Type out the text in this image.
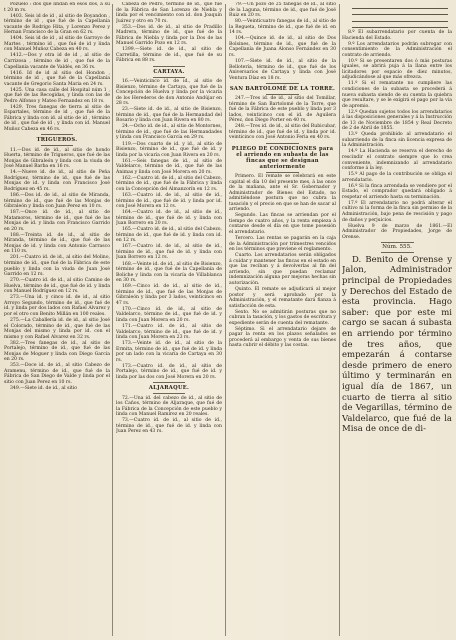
Pozuelo : dos que lindan en ésos dos, á su t 20 m rs.

1403. Seis id de id , al sitio de Boyandon , término de id , que fué de la Capellanía vacante de Rodrigo Hita, y Lorenzo Perez y Hernan Francisco de la Gran en 62 rs.

1404. Seis id de id , al sitio de Garroyo de Martes , término id , que fué de id y linda con Manuel Muñoz Cabeza en 40 rs.

1412.—Dos y otra id de id , al sitio de Carrizosa , término de id , que fué de la Capellanía vacante de Valdés, en 36 rs.

1416. Id de id al sitio del Hondon , término de id , que fué de la Capellanía vacante de Gregorio Santa Maria en 24 rs.

1425. Una casa calle del Hospital núm 1 , que fué de las Recogidas, y linda con las de Pedro Alfonso y Mateo Fernandez en 18 rs.

1429. Tres fanegas de tierra al sitio de Espartales, término de id , que fué de la Fábrica y linda con id. al sitio de id , término de id , que fué de id , y linda con id. Manuel Muñoz Cabeza en 46 rs.

TRIGUEROS.

11.—Dos id. de id., al sitio de hondo Huerta, término de Trigueros, que fué de las Monjas de Gibraleón y linda con la viuda de José Manuel Barba en 16 rs.

14.—Nueve id. de id., al sitio de Peña Rodríguez, término de id., que fué de las Monjas de id. y linda con Francisco José Rodríguez en 45 rs.

186.—Dos id. de id., al sitio de Miranda, término de id., que fué de las Monjas de Gibraleón y linda con Juan Perez en 10 rs.

187.—Once id. de id., al sitio de Matamoros, término de id., que fué de las Monjas de id. y linda con Francisco Garrido en 20 rs.

188.—Treinta id. de id., al sitio de Miranda, término de id., que fué de las Monjas de id. y linda con Antonio Carrasco en 110 rs.

201.—Cuatro id. de id., al sitio del Molino, término de id., que fué de la Fábrica de este pueblo y linda con la viuda de Juan José Garrido en 12 rs.

270.—Cuatro id. de id., al sitio Camino de Huelva, término de id., que fué de id. y linda con Manuel Rodríguez en 12 rs.

273.—Una id. y cinco id. de id., al sitio Arroyo Segundo, término de id., que fué de id. y linda por dos lados con Rafael Alvarez y por el otro con Benito Millán en 100 reales.

275.—La Caballería id. de id., al sitio José el Colorado, término de id., que fué de las Monjas del mismo y linda por id. con el mismo y con Rafael Alvarez en 32 rs.

382.—Tres fanegas de id., al sitio de Portalejo, término de id., que fué de las Monjas de Moguer y linda con Diego García en 20 rs.

353.—Doce id. de id., al sitio Cabezo de Aramenu, término de id., que fué de la Fábrica de San Diego de Valde y linda por el sitio con Juan Perez en 10 rs.

349.—Siete id. de id., al sitio

Cabeza de Pedro, término de id., que fué de la Fábrica de San Lorenzo de Niebla y linda por el vencimiento con id. don Joaquín Juárez y otro en 70 rs.

353.—Dos id. de id., al sitio de Pradillo Madrera, término de id., que fué de la Fábrica de Niebla y linda por la Dos de las Manuel Garrido Pozo en 12 rs.

1399.—Siete id. de id., al sitio de Carretilla, término de id., que fué de su Fábrica en 88 rs.

CARTAYA.

16.—Veinticinco id. de id., al sitio de Bisienzo, término de Cartaya, que fué de la Concepción de Huelva y linda por la vicaría de los Herederos de don Antonio Andújar en 28 rs.

23.—Siete id. de id., al sitio de Bisienzo, término de id., que fué de la Hermandad del Rosario y linda con Juan Rivera en 80 rs.

24.—Ocho id. de id., al sitio de Montornes, término de id., que fué de las Hermandades y linda con Francisco García en 29 rs.

119.—Dos cuarto de id. y id., al sitio de Bisienzo, término de id., que fué de id. y linda por la vicaría con Juan Rivera en 20 rs.

161.—Seis fanegas de id., al sitio de Valdelarco, término de id., que fué de las Ánimas y linda con José Morera en 20 rs.

162.—Cuatro id. de id., al sitio del Cabezo, término de id., que fué de la Fábrica y linda con la Concepción del Almanzorín en 12 rs.

163.—Cuatro id. de id., al sitio de id., término de id., que fué de id. y linda por id. con José Morera en 12 rs.

164.—Cuatro id. de id., al sitio de id., término de id., que fué de id. y linda con Juan Borrero en 20 rs.

165.—Cuatro id. de id., al sitio del Cabezo, término de id., que fué de id. y linda con id. en 12 rs.

167.—Cuatro id. de id., al sitio de id., término de id., que fué de id. y linda con Juan Borrero en 12 rs.

168.—Veinte id. de id., al sitio de Bisienzo, término de id., que fué de la Capellanía de Boliche y linda con la vicaría de Villablanca en 30 rs.

169.—Cinco id. de id., al sitio de id., término de id., que fué de las Monjas de Gibraleón y linda por 3 lados, veinticinco en 47 rs.

170.—Cinco id. de id., al sitio de Valdelarco, término de id., que fué de id. y linda con Juan Morera en 20 rs.

171.—Cuatro id. de id., al sitio de Valdelarco, término de id., que fué de id. y linda con Juan Morera en 23 rs.

173.—Veinte id. de id., al sitio de la Ermita, término de id., que fué de id. y linda por un lado con la vicaría de Cartaya en 30 rs.

173.—Cuatro id. de id., al sitio de Portalejo, término de id., que fué de id. y linda por las dos con José Morera en 20 rs.

ALJARAQUE.

72.—Una id. del cabezo de id., al sitio de los Caños, término de Aljaraque, que fué de la Fábrica de la Concepción de este pueblo y linda con Manuel Ramírez en 20 reales.

73.—Cuatro id. de id., al sitio de id., término de id., que fué de id. y linda con Juan Perez en 43 rs.

79.—Un pozo de 25 fanegas de id., al sitio de la Laguna, término de id., que fué de José Ruiz en 20 rs.

80.—Veinticuatro fanegas de id., al sitio de la Regueta, término de id., que fué de id. en 14 rs.

104.—Quince id. de id., al sitio de Dos Bolsines, término de id., que fué de la Capellanía de Juana Alonso Fernández en 30 rs.

107.—Siete id. de id., al sitio de la Bellotería, término de id., que fué de los Aniversarios de Cartaya y linda con José Ventura Díaz en 18 rs.

SAN BARTOLOMÉ DE LA TORRE.

247.—Tres id. de id., al sitio del Tomillar, término de San Bartolomé de la Torre, que fué de la Fábrica de este pueblo y linda por 3 lados, veinticinco con el id. de Aguilera Pérez, don Diego Porter en 40 rs.

248.—Tres id. de id., al sitio del Rubicubar, término de id., que fué de id. y linda por id. veinticinco con José Antonio Feria en 40 rs.

PLIEGO DE CONDICIONES para el arriendo en subasta de las fincas que se designan anteriormente

Primero. El remate se celebrará en este capital el día 10 del presente mes, á las once de la mañana, ante el Sr. Gobernador y Administrador de Bienes del Estado, no admitiéndose postura que no cubra la tasación y el precio en que se han de sacar al arriendo.

Segundo. Las fincas se arriendan por el tiempo de cuatro años, y la renta empieza á contarse desde el día en que tome posesión el arrendatario.

Tercero. Las rentas se pagarán en la caja de la Administración por trimestres vencidos en los términos que previene el reglamento.

Cuarto. Los arrendatarios serán obligados á cuidar y mantener las fincas en el estado en que las reciban y á devolverlas al fin del arriendo, sin que puedan reclamar indemnización alguna por mejoras hechas sin autorización.

Quinto. El remate se adjudicará al mejor postor y será aprobado por la Administración, y el rematante dará fianza á satisfacción de esta.

Sexto. No se admitirán posturas que no cubran la tasación, y los gastos de escritura y expediente serán de cuenta del rematante.

Séptimo. Si el arrendatario dejare de pagar la renta en los plazos señalados se procederá al embargo y venta de sus bienes hasta cubrir el débito y las costas.

8.º El subarrendatario por cuenta de la Hacienda del Estado.

9.º Los arrendatarios podrán subrogar con consentimiento de la Administración el contrato de arriendo.

10.º Si se presentaren dos ó más posturas iguales, se abrirá puja á la llana entre los licitadores por espacio de diez minutos, adjudicándose al que más ofrezca.

11.º Si el rematante no cumpliere las condiciones de la subasta se procederá á nueva subasta siendo de su cuenta la quiebra que resultare, y se le exigirá el pago por la vía de apremio.

12.º Quedan sujetos todos los arrendatarios á las disposiciones generales y á la Instrucción de 13 de Noviembre de 1854 y Real Decreto de 2 de Abril de 1855.

13.º Queda prohibido al arrendatario el subarriendo de la finca sin licencia expresa de la Administración.

14.º La Hacienda se reserva el derecho de rescindir el contrato siempre que lo crea conveniente, indemnizando al arrendatario conforme á la ley.

15.º Al pago de la contribución se obliga el arrendatario.

16.º Si la finca arrendada se vendiere por el Estado, el comprador quedará obligado á respetar el arriendo hasta su terminación.

17.º El arrendatario no podrá alterar el cultivo ni la forma de la finca sin permiso de la Administración, bajo pena de rescisión y pago de daños y perjuicios.

Huelva 9 de marzo de 1861.—El Administrador de Propiedades, Jorge de Orense.

Núm. 555.

D. Benito de Orense y Jalon, Administrador principal de Propiedades y Derechos del Estado de esta provincia. Hago saber: que por este mi cargo se sacan á subasta en arriendo por término de tres años, que empezarán á contarse desde primero de enero último y terminarán en igual día de 1867, un cuarto de tierra al sitio de Vegarillas, término de Valdelarco, que fué de la Misa de once de di-
